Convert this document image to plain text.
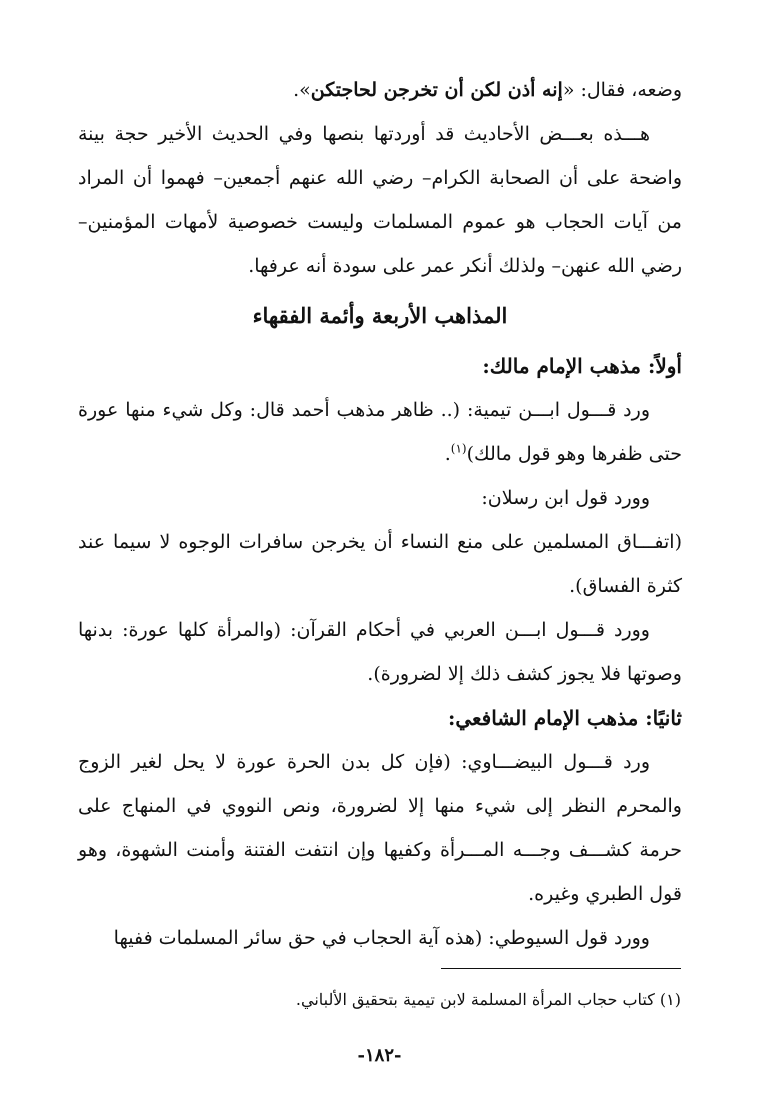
وضعه، فقال: «إنه أذن لكن أن تخرجن لحاجتكن».

هـــذه بعـــض الأحاديث قد أوردتها بنصها وفي الحديث الأخير حجة بينة واضحة على أن الصحابة الكرام– رضي الله عنهم أجمعين– فهموا أن المراد من آيات الحجاب هو عموم المسلمات وليست خصوصية لأمهات المؤمنين– رضي الله عنهن– ولذلك أنكر عمر على سودة أنه عرفها.

المذاهب الأربعة وأئمة الفقهاء
أولاً: مذهب الإمام مالك:

ورد قـــول ابـــن تيمية: (.. ظاهر مذهب أحمد قال: وكل شيء منها عورة حتى ظفرها وهو قول مالك)$^{(١)}$.

وورد قول ابن رسلان:

(اتفـــاق المسلمين على منع النساء أن يخرجن سافرات الوجوه لا سيما عند كثرة الفساق).

وورد قـــول ابـــن العربي في أحكام القرآن: (والمرأة كلها عورة: بدنها وصوتها فلا يجوز كشف ذلك إلا لضرورة).

ثانيًا: مذهب الإمام الشافعي:

ورد قـــول البيضـــاوي: (فإن كل بدن الحرة عورة لا يحل لغير الزوج والمحرم النظر إلى شيء منها إلا لضرورة، ونص النووي في المنهاج على حرمة كشـــف وجـــه المـــرأة وكفيها وإن انتفت الفتنة وأمنت الشهوة، وهو قول الطبري وغيره.

وورد قول السيوطي: (هذه آية الحجاب في حق سائر المسلمات ففيها

(١) كتاب حجاب المرأة المسلمة لابن تيمية بتحقيق الألباني.
-١٨٢-
